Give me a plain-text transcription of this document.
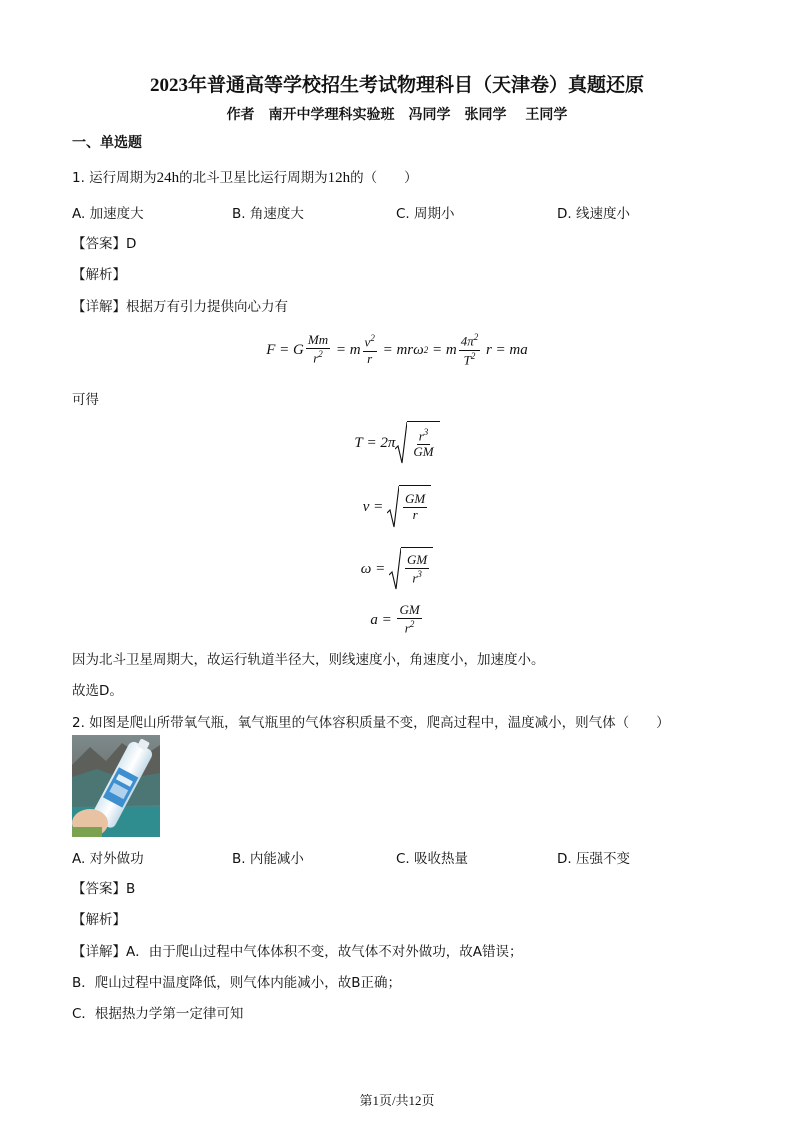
2023年普通高等学校招生考试物理科目（天津卷）真题还原
作者　南开中学理科实验班　冯同学　张同学　 王同学
一、单选题
1. 运行周期为24h的北斗卫星比运行周期为12h的（　　）
A. 加速度大	B. 角速度大	C. 周期小	D. 线速度小
【答案】D
【解析】
【详解】根据万有引力提供向心力有
F
=
G $\frac{Mm}{r^2}$
=
m $\frac{v^2}{r}$
=
mrω 2
=
m $\frac{4\pi^2}{T^2}$
r
= ma
可得
T
=
$2\pi \frac{r^3}{GM}$
v
=
$\frac{GM}{r}$
ω
=
$\frac{GM}{r^3}$
a
=
$\frac{GM}{r^2}$
因为北斗卫星周期大，故运行轨道半径大，则线速度小，角速度小，加速度小。
故选D。
2. 如图是爬山所带氧气瓶，氧气瓶里的气体容积质量不变，爬高过程中，温度减小，则气体（　　）
A. 对外做功	B. 内能减小	C. 吸收热量	D. 压强不变
【答案】B
【解析】
【详解】A．由于爬山过程中气体体积不变，故气体不对外做功，故A错误；
B．爬山过程中温度降低，则气体内能减小，故B正确；
C．根据热力学第一定律可知
第1页/共12页
